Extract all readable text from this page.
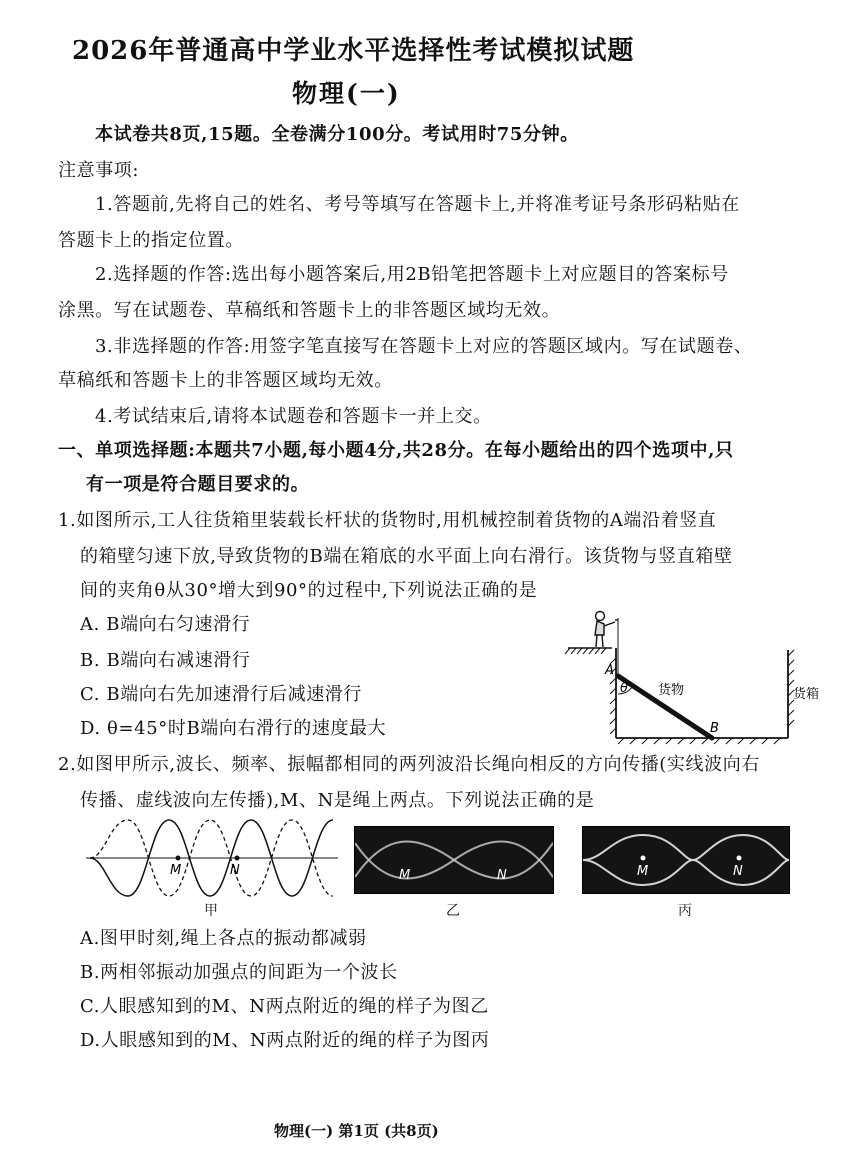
2026年普通高中学业水平选择性考试模拟试题
物理(一)
本试卷共8页,15题。全卷满分100分。考试用时75分钟。
注意事项:
1.答题前,先将自己的姓名、考号等填写在答题卡上,并将准考证号条形码粘贴在
答题卡上的指定位置。
2.选择题的作答:选出每小题答案后,用2B铅笔把答题卡上对应题目的答案标号
涂黑。写在试题卷、草稿纸和答题卡上的非答题区域均无效。
3.非选择题的作答:用签字笔直接写在答题卡上对应的答题区域内。写在试题卷、
草稿纸和答题卡上的非答题区域均无效。
4.考试结束后,请将本试题卷和答题卡一并上交。
一、单项选择题:本题共7小题,每小题4分,共28分。在每小题给出的四个选项中,只
有一项是符合题目要求的。
1.如图所示,工人往货箱里装载长杆状的货物时,用机械控制着货物的A端沿着竖直
的箱壁匀速下放,导致货物的B端在箱底的水平面上向右滑行。该货物与竖直箱壁
间的夹角θ从30°增大到90°的过程中,下列说法正确的是
A. B端向右匀速滑行
B. B端向右减速滑行
C. B端向右先加速滑行后减速滑行
D. θ=45°时B端向右滑行的速度最大
A
θ 货物
B
货箱
2.如图甲所示,波长、频率、振幅都相同的两列波沿长绳向相反的方向传播(实线波向右
传播、虚线波向左传播),M、N是绳上两点。下列说法正确的是
M	N
甲
M	N
乙
M	N
丙
A.图甲时刻,绳上各点的振动都减弱
B.两相邻振动加强点的间距为一个波长
C.人眼感知到的M、N两点附近的绳的样子为图乙
D.人眼感知到的M、N两点附近的绳的样子为图丙
物理(一) 第1页 (共8页)
